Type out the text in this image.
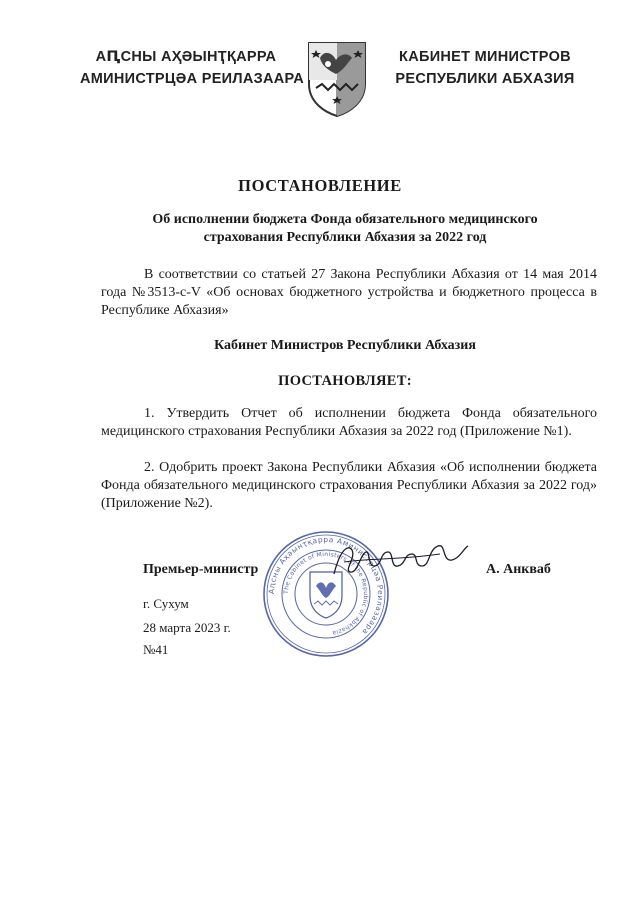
АԤСНЫ АҲӘЫНҬҚАРРА
АМИНИСТРЦӘА РЕИЛАЗААРА
КАБИНЕТ МИНИСТРОВ
РЕСПУБЛИКИ АБХАЗИЯ
ПОСТАНОВЛЕНИЕ
Об исполнении бюджета Фонда обязательного медицинского
страхования Республики Абхазия за 2022 год

В соответствии со статьей 27 Закона Республики Абхазия от 14 мая 2014 года №3513-с-V «Об основах бюджетного устройства и бюджетного процесса в Республике Абхазия»

Кабинет Министров Республики Абхазия
ПОСТАНОВЛЯЕТ:

1. Утвердить Отчет об исполнении бюджета Фонда обязательного медицинского страхования Республики Абхазия за 2022 год (Приложение №1).

2. Одобрить проект Закона Республики Абхазия «Об исполнении бюджета Фонда обязательного медицинского страхования Республики Абхазия за 2022 год» (Приложение №2).

Аԥсны Аҳәынҭқарра Аминистрцәа Реилазаара
The Cabinet of Ministers of the Republic of Abkhazia
Премьер-министр	А. Анкваб
г. Сухум
28 марта 2023 г.
№41
